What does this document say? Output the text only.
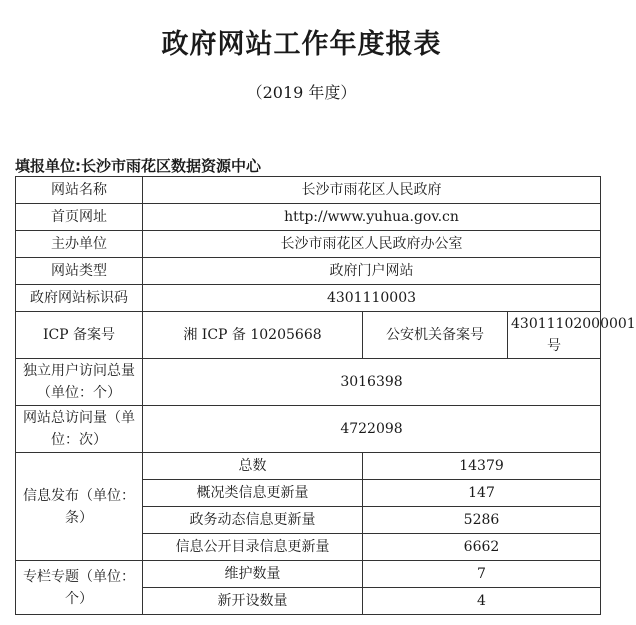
政府网站工作年度报表
（2019 年度）
填报单位:长沙市雨花区数据资源中心
网站名称	长沙市雨花区人民政府		
首页网址	http://www.yuhua.gov.cn		
主办单位	长沙市雨花区人民政府办公室		
网站类型	政府门户网站		
政府网站标识码	4301110003		
ICP 备案号	湘 ICP 备 10205668	公安机关备案号	43011102000001 号
独立用户访问总量（单位：个）	3016398		
网站总访问量（单位：次）	4722098		
信息发布（单位：条）	总数	14379	
	概况类信息更新量	147	
	政务动态信息更新量	5286	
	信息公开目录信息更新量	6662	
专栏专题（单位：个）	维护数量	7	
	新开设数量	4	
